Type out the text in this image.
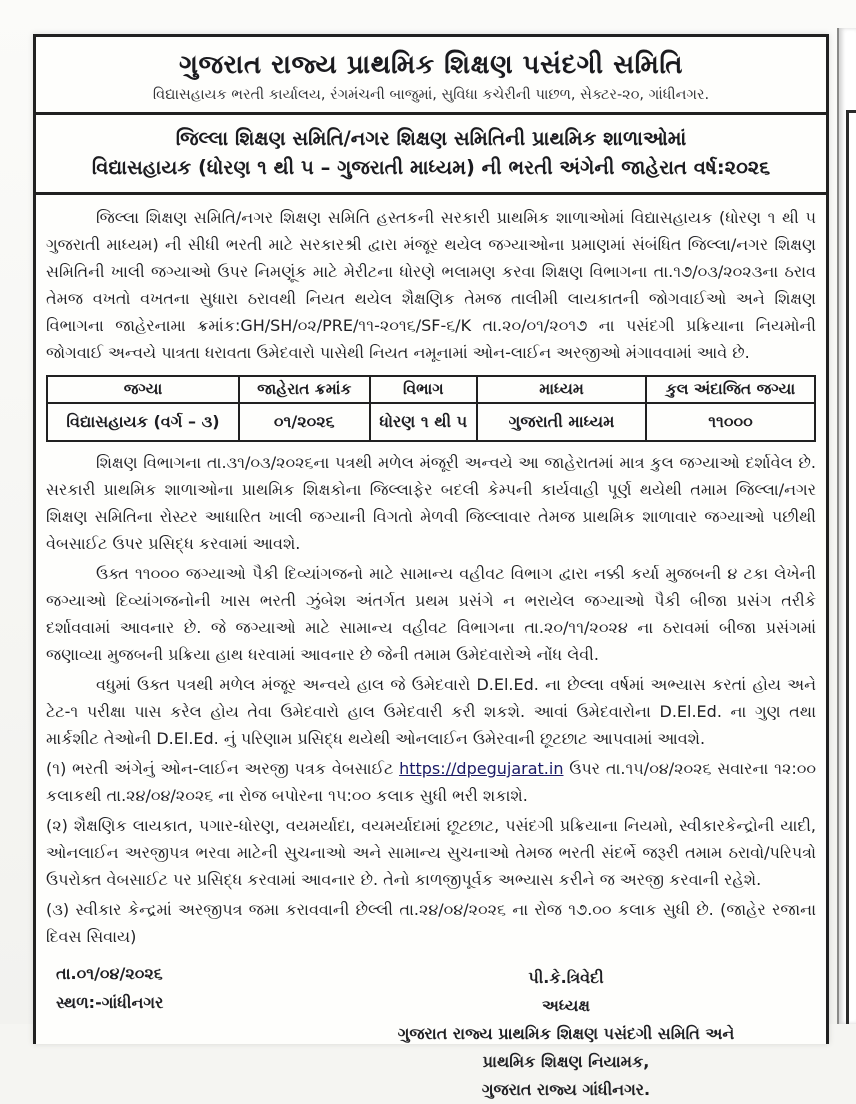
ગુજરાત રાજ્ય પ્રાથમિક શિક્ષણ પસંદગી સમિતિ
વિદ્યાસહાયક ભરતી કાર્યાલય, રંગમંચની બાજુમાં, સુવિધા કચેરીની પાછળ, સેક્ટર-૨૦, ગાંધીનગર.
જિલ્લા શિક્ષણ સમિતિ/નગર શિક્ષણ સમિતિની પ્રાથમિક શાળાઓમાં
વિદ્યાસહાયક (ધોરણ ૧ થી ૫ – ગુજરાતી માધ્યમ) ની ભરતી અંગેની જાહેરાત વર્ષ:૨૦૨૬

જિલ્લા શિક્ષણ સમિતિ/નગર શિક્ષણ સમિતિ હસ્તકની સરકારી પ્રાથમિક શાળાઓમાં વિદ્યાસહાયક (ધોરણ ૧ થી ૫ ગુજરાતી માધ્યમ) ની સીધી ભરતી માટે સરકારશ્રી દ્વારા મંજૂર થયેલ જગ્યાઓના પ્રમાણમાં સંબંધિત જિલ્લા/નગર શિક્ષણ સમિતિની ખાલી જગ્યાઓ ઉપર નિમણૂંક માટે મેરીટના ધોરણે ભલામણ કરવા શિક્ષણ વિભાગના તા.૧૭/૦૩/૨૦૨૩ના ઠરાવ તેમજ વખતો વખતના સુધારા ઠરાવથી નિયત થયેલ શૈક્ષણિક તેમજ તાલીમી લાયકાતની જોગવાઈઓ અને શિક્ષણ વિભાગના જાહેરનામા ક્રમાંક:GH/SH/૦૨/PRE/૧૧-૨૦૧૬/SF-૬/K તા.૨૦/૦૧/૨૦૧૭ ના પસંદગી પ્રક્રિયાના નિયમોની જોગવાઈ અન્વયે પાત્રતા ધરાવતા ઉમેદવારો પાસેથી નિયત નમૂનામાં ઓન-લાઈન અરજીઓ મંગાવવામાં આવે છે.

જગ્યા	જાહેરાત ક્રમાંક	વિભાગ	માધ્યમ	કુલ અંદાજિત જગ્યા
વિદ્યાસહાયક (વર્ગ – ૩)	૦૧/૨૦૨૬	ધોરણ ૧ થી ૫	ગુજરાતી માધ્યમ	૧૧૦૦૦

શિક્ષણ વિભાગના તા.૩૧/૦૩/૨૦૨૬ના પત્રથી મળેલ મંજૂરી અન્વયે આ જાહેરાતમાં માત્ર કુલ જગ્યાઓ દર્શાવેલ છે. સરકારી પ્રાથમિક શાળાઓના પ્રાથમિક શિક્ષકોના જિલ્લાફેર બદલી કેમ્પની કાર્યવાહી પૂર્ણ થયેથી તમામ જિલ્લા/નગર શિક્ષણ સમિતિના રોસ્ટર આધારિત ખાલી જગ્યાની વિગતો મેળવી જિલ્લાવાર તેમજ પ્રાથમિક શાળાવાર જગ્યાઓ પછીથી વેબસાઈટ ઉપર પ્રસિદ્ધ કરવામાં આવશે.

ઉક્ત ૧૧૦૦૦ જગ્યાઓ પૈકી દિવ્યાંગજનો માટે સામાન્ય વહીવટ વિભાગ દ્વારા નક્કી કર્યા મુજબની ૪ ટકા લેખેની જગ્યાઓ દિવ્યાંગજનોની ખાસ ભરતી ઝુંબેશ અંતર્ગત પ્રથમ પ્રસંગે ન ભરાયેલ જગ્યાઓ પૈકી બીજા પ્રસંગ તરીકે દર્શાવવામાં આવનાર છે. જે જગ્યાઓ માટે સામાન્ય વહીવટ વિભાગના તા.૨૦/૧૧/૨૦૨૪ ના ઠરાવમાં બીજા પ્રસંગમાં જણાવ્યા મુજબની પ્રક્રિયા હાથ ધરવામાં આવનાર છે જેની તમામ ઉમેદવારોએ નોંધ લેવી.

વધુમાં ઉક્ત પત્રથી મળેલ મંજૂર અન્વયે હાલ જે ઉમેદવારો D.El.Ed. ના છેલ્લા વર્ષમાં અભ્યાસ કરતાં હોય અને ટેટ-૧ પરીક્ષા પાસ કરેલ હોય તેવા ઉમેદવારો હાલ ઉમેદવારી કરી શકશે. આવાં ઉમેદવારોના D.El.Ed. ના ગુણ તથા માર્કશીટ તેઓની D.El.Ed. નું પરિણામ પ્રસિદ્ધ થયેથી ઓનલાઈન ઉમેરવાની છૂટછાટ આપવામાં આવશે.

(૧) ભરતી અંગેનું ઓન-લાઈન અરજી પત્રક વેબસાઈટ https://dpegujarat.in ઉપર તા.૧૫/૦૪/૨૦૨૬ સવારના ૧૨:૦૦ કલાકથી તા.૨૪/૦૪/૨૦૨૬ ના રોજ બપોરના ૧૫:૦૦ કલાક સુધી ભરી શકાશે.

(૨) શૈક્ષણિક લાયકાત, પગાર-ધોરણ, વયમર્યાદા, વયમર્યાદામાં છૂટછાટ, પસંદગી પ્રક્રિયાના નિયમો, સ્વીકારકેન્દ્રોની યાદી, ઓનલાઈન અરજીપત્ર ભરવા માટેની સુચનાઓ અને સામાન્ય સુચનાઓ તેમજ ભરતી સંદર્ભે જરૂરી તમામ ઠરાવો/પરિપત્રો ઉપરોક્ત વેબસાઈટ પર પ્રસિદ્ધ કરવામાં આવનાર છે. તેનો કાળજીપૂર્વક અભ્યાસ કરીને જ અરજી કરવાની રહેશે.

(૩) સ્વીકાર કેન્દ્રમાં અરજીપત્ર જમા કરાવવાની છેલ્લી તા.૨૪/૦૪/૨૦૨૬ ના રોજ ૧૭.૦૦ કલાક સુધી છે. (જાહેર રજાના દિવસ સિવાય)

તા.૦૧/૦૪/૨૦૨૬
સ્થળ:-ગાંધીનગર
પી.કે.ત્રિવેદી
અધ્યક્ષ
ગુજરાત રાજ્ય પ્રાથમિક શિક્ષણ પસંદગી સમિતિ અને
પ્રાથમિક શિક્ષણ નિયામક,
ગુજરાત રાજ્ય ગાંધીનગર.
